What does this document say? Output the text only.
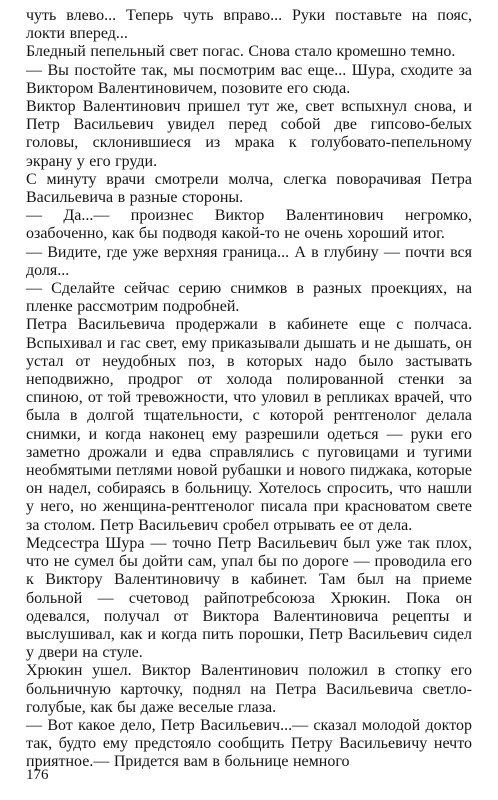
чуть влево... Теперь чуть вправо... Руки поставьте на пояс, локти вперед...

Бледный пепельный свет погас. Снова стало кромешно темно.

— Вы постойте так, мы посмотрим вас еще... Шура, сходите за Виктором Валентиновичем, позовите его сюда.

Виктор Валентинович пришел тут же, свет вспыхнул снова, и Петр Васильевич увидел перед собой две гипсово-белых головы, склонившиеся из мрака к голубовато-пепельному экрану у его груди.

С минуту врачи смотрели молча, слегка поворачивая Петра Васильевича в разные стороны.

— Да...— произнес Виктор Валентинович негромко, озабоченно, как бы подводя какой-то не очень хороший итог.

— Видите, где уже верхняя граница... А в глубину — почти вся доля...

— Сделайте сейчас серию снимков в разных проекциях, на пленке рассмотрим подробней.

Петра Васильевича продержали в кабинете еще с полчаса. Вспыхивал и гас свет, ему приказывали дышать и не дышать, он устал от неудобных поз, в которых надо было застывать неподвижно, продрог от холода полированной стенки за спиною, от той тревожности, что уловил в репликах врачей, что была в долгой тщательности, с которой рентгенолог делала снимки, и когда наконец ему разрешили одеться — руки его заметно дрожали и едва справлялись с пуговицами и тугими необмятыми петлями новой рубашки и нового пиджака, которые он надел, собираясь в больницу. Хотелось спросить, что нашли у него, но женщина-рентгенолог писала при красноватом свете за столом. Петр Васильевич сробел отрывать ее от дела.

Медсестра Шура — точно Петр Васильевич был уже так плох, что не сумел бы дойти сам, упал бы по дороге — проводила его к Виктору Валентиновичу в кабинет. Там был на приеме больной — счетовод райпотребсоюза Хрюкин. Пока он одевался, получал от Виктора Валентиновича рецепты и выслушивал, как и когда пить порошки, Петр Васильевич сидел у двери на стуле.

Хрюкин ушел. Виктор Валентинович положил в стопку его больничную карточку, поднял на Петра Васильевича светло-голубые, как бы даже веселые глаза.

— Вот какое дело, Петр Васильевич...— сказал молодой доктор так, будто ему предстояло сообщить Петру Васильевичу нечто приятное.— Придется вам в больнице немного

176
